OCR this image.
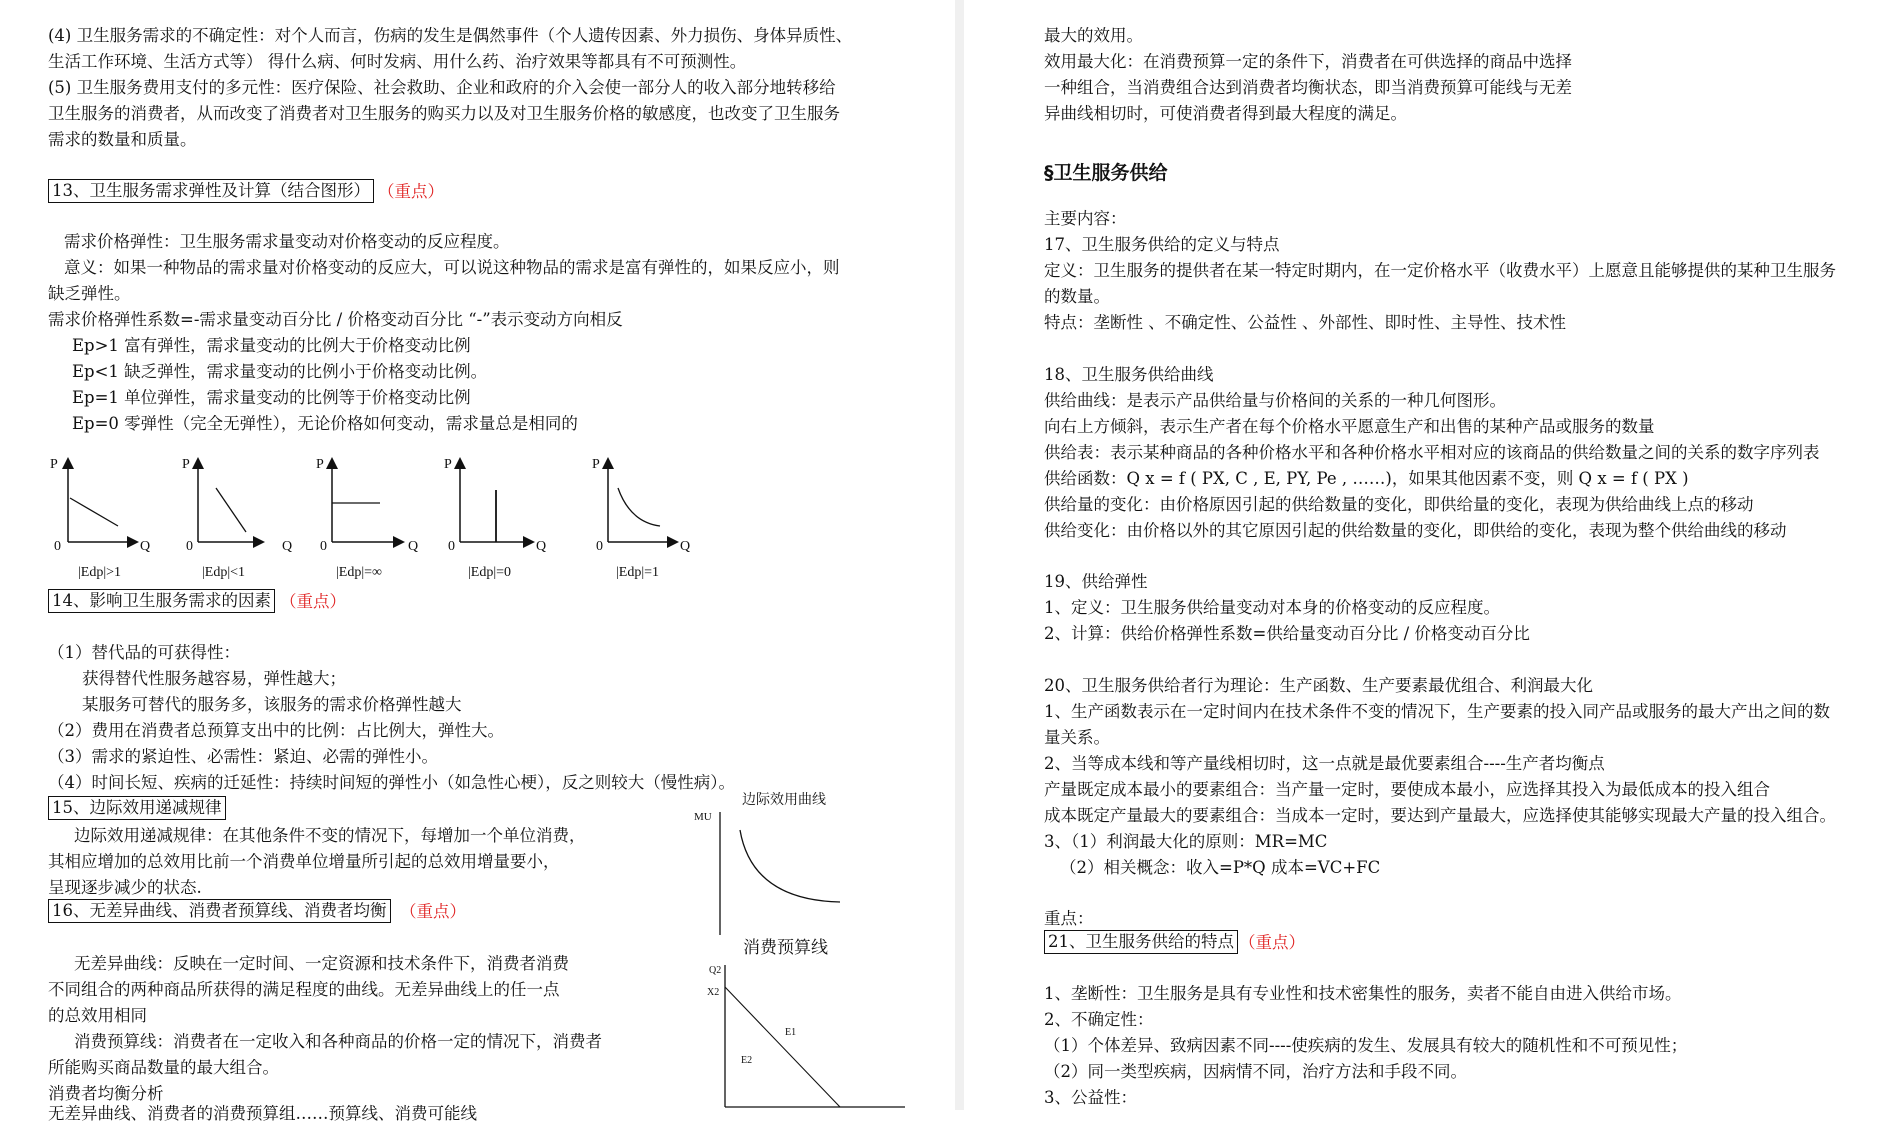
(4) 卫生服务需求的不确定性：对个人而言，伤病的发生是偶然事件（个人遗传因素、外力损伤、身体异质性、
生活工作环境、生活方式等） 得什么病、何时发病、用什么药、治疗效果等都具有不可预测性。
(5) 卫生服务费用支付的多元性：医疗保险、社会救助、企业和政府的介入会使一部分人的收入部分地转移给
卫生服务的消费者，从而改变了消费者对卫生服务的购买力以及对卫生服务价格的敏感度，也改变了卫生服务
需求的数量和质量。
13、卫生服务需求弹性及计算（结合图形） （重点）
需求价格弹性：卫生服务需求量变动对价格变动的反应程度。
意义：如果一种物品的需求量对价格变动的反应大，可以说这种物品的需求是富有弹性的，如果反应小，则
缺乏弹性。
需求价格弹性系数=-需求量变动百分比 / 价格变动百分比 “-”表示变动方向相反
Ep>1 富有弹性，需求量变动的比例大于价格变动比例
Ep<1 缺乏弹性，需求量变动的比例小于价格变动比例。
Ep=1 单位弹性，需求量变动的比例等于价格变动比例
Ep=0 零弹性（完全无弹性），无论价格如何变动，需求量总是相同的
P
0	Q
|Edp|>1
P
0	Q
|Edp|<1
P
0	Q
|Edp|=∞
P
0	Q
|Edp|=0
P
0	Q
|Edp|=1
14、影响卫生服务需求的因素 （重点）
（1）替代品的可获得性：
获得替代性服务越容易，弹性越大；
某服务可替代的服务多，该服务的需求价格弹性越大
（2）费用在消费者总预算支出中的比例：占比例大，弹性大。
（3）需求的紧迫性、必需性：紧迫、必需的弹性小。
（4）时间长短、疾病的迁延性：持续时间短的弹性小（如急性心梗），反之则较大（慢性病）。
15、边际效用递减规律
边际效用递减规律：在其他条件不变的情况下，每增加一个单位消费，
其相应增加的总效用比前一个消费单位增量所引起的总效用增量要小，
呈现逐步减少的状态.
边际效用曲线
MU
16、无差异曲线、消费者预算线、消费者均衡 （重点）
无差异曲线：反映在一定时间、一定资源和技术条件下，消费者消费
不同组合的两种商品所获得的满足程度的曲线。无差异曲线上的任一点
的总效用相同
消费预算线：消费者在一定收入和各种商品的价格一定的情况下，消费者
所能购买商品数量的最大组合。
消费者均衡分析
无差异曲线、消费者的消费预算组……预算线、消费可能线
消费预算线
Q2
X2
E1
E2
最大的效用。
效用最大化：在消费预算一定的条件下，消费者在可供选择的商品中选择
一种组合，当消费组合达到消费者均衡状态，即当消费预算可能线与无差
异曲线相切时，可使消费者得到最大程度的满足。
§卫生服务供给
主要内容：
17、卫生服务供给的定义与特点
定义：卫生服务的提供者在某一特定时期内，在一定价格水平（收费水平）上愿意且能够提供的某种卫生服务
的数量。
特点：垄断性 、不确定性、公益性 、外部性、即时性、主导性、技术性
18、卫生服务供给曲线
供给曲线：是表示产品供给量与价格间的关系的一种几何图形。
向右上方倾斜，表示生产者在每个价格水平愿意生产和出售的某种产品或服务的数量
供给表：表示某种商品的各种价格水平和各种价格水平相对应的该商品的供给数量之间的关系的数字序列表
供给函数：Q x = f ( PX, C , E, PY, Pe , ……)，如果其他因素不变，则 Q x = f ( PX )
供给量的变化：由价格原因引起的供给数量的变化，即供给量的变化，表现为供给曲线上点的移动
供给变化：由价格以外的其它原因引起的供给数量的变化，即供给的变化，表现为整个供给曲线的移动
19、供给弹性
1、定义：卫生服务供给量变动对本身的价格变动的反应程度。
2、计算：供给价格弹性系数=供给量变动百分比 / 价格变动百分比
20、卫生服务供给者行为理论：生产函数、生产要素最优组合、利润最大化
1、生产函数表示在一定时间内在技术条件不变的情况下，生产要素的投入同产品或服务的最大产出之间的数
量关系。
2、当等成本线和等产量线相切时，这一点就是最优要素组合----生产者均衡点
产量既定成本最小的要素组合：当产量一定时，要使成本最小，应选择其投入为最低成本的投入组合
成本既定产量最大的要素组合：当成本一定时，要达到产量最大，应选择使其能够实现最大产量的投入组合。
3、（1）利润最大化的原则：MR=MC
（2）相关概念：收入=P*Q 成本=VC+FC
重点：
21、卫生服务供给的特点 （重点）
1、垄断性：卫生服务是具有专业性和技术密集性的服务，卖者不能自由进入供给市场。
2、不确定性：
（1）个体差异、致病因素不同----使疾病的发生、发展具有较大的随机性和不可预见性；
（2）同一类型疾病，因病情不同，治疗方法和手段不同。
3、公益性：
